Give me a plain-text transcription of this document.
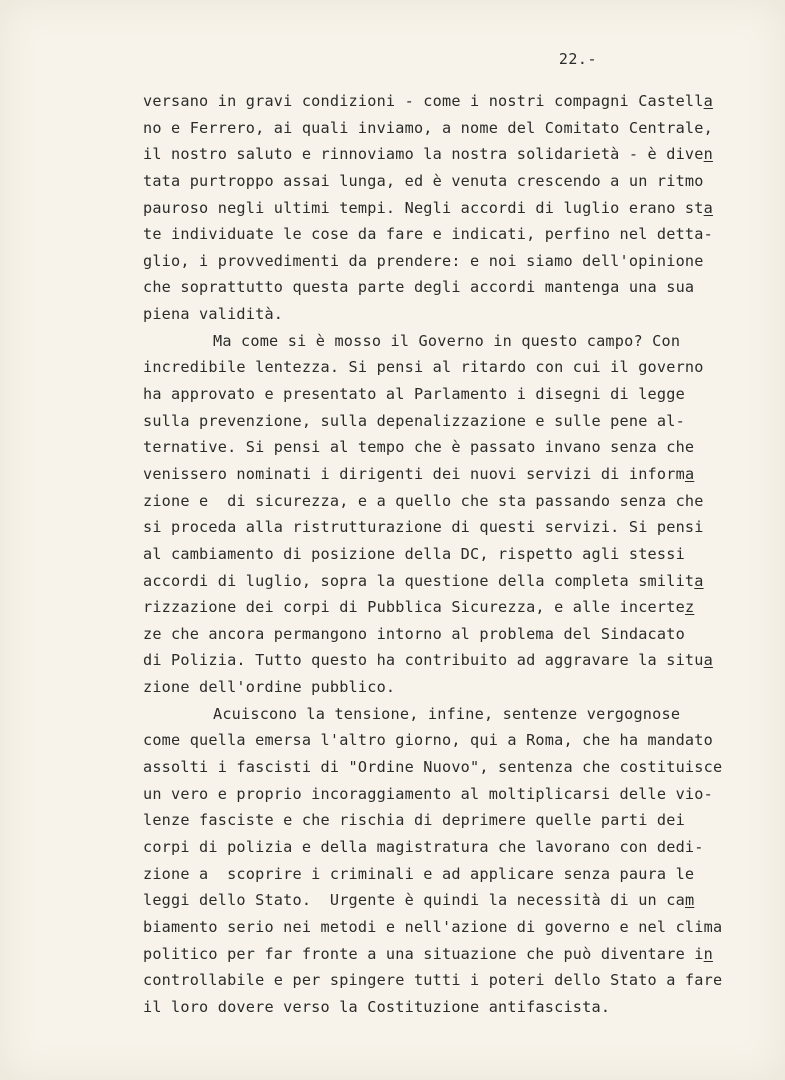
22.-
versano in gravi condizioni - come i nostri compagni Castella
no e Ferrero, ai quali inviamo, a nome del Comitato Centrale,
il nostro saluto e rinnoviamo la nostra solidarietà - è diven
tata purtroppo assai lunga, ed è venuta crescendo a un ritmo
pauroso negli ultimi tempi. Negli accordi di luglio erano sta
te individuate le cose da fare e indicati, perfino nel detta-
glio, i provvedimenti da prendere: e noi siamo dell'opinione
che soprattutto questa parte degli accordi mantenga una sua
piena validità.
Ma come si è mosso il Governo in questo campo? Con
incredibile lentezza. Si pensi al ritardo con cui il governo
ha approvato e presentato al Parlamento i disegni di legge
sulla prevenzione, sulla depenalizzazione e sulle pene al-
ternative. Si pensi al tempo che è passato invano senza che
venissero nominati i dirigenti dei nuovi servizi di informa
zione e  di sicurezza, e a quello che sta passando senza che
si proceda alla ristrutturazione di questi servizi. Si pensi
al cambiamento di posizione della DC, rispetto agli stessi
accordi di luglio, sopra la questione della completa smilita
rizzazione dei corpi di Pubblica Sicurezza, e alle incertez
ze che ancora permangono intorno al problema del Sindacato
di Polizia. Tutto questo ha contribuito ad aggravare la situa
zione dell'ordine pubblico.
Acuiscono la tensione, infine, sentenze vergognose
come quella emersa l'altro giorno, qui a Roma, che ha mandato
assolti i fascisti di "Ordine Nuovo", sentenza che costituisce
un vero e proprio incoraggiamento al moltiplicarsi delle vio-
lenze fasciste e che rischia di deprimere quelle parti dei
corpi di polizia e della magistratura che lavorano con dedi-
zione a  scoprire i criminali e ad applicare senza paura le
leggi dello Stato.  Urgente è quindi la necessità di un cam
biamento serio nei metodi e nell'azione di governo e nel clima
politico per far fronte a una situazione che può diventare in
controllabile e per spingere tutti i poteri dello Stato a fare
il loro dovere verso la Costituzione antifascista.
